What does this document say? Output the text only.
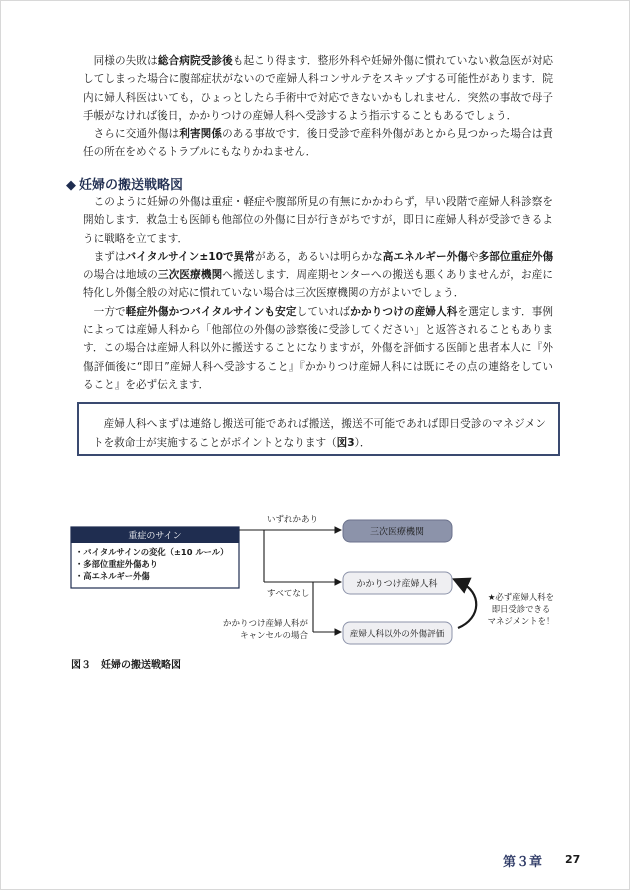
同様の失敗は総合病院受診後も起こり得ます．整形外科や妊婦外傷に慣れていない救急医が対応してしまった場合に腹部症状がないので産婦人科コンサルテをスキップする可能性があります．院内に婦人科医はいても，ひょっとしたら手術中で対応できないかもしれません．突然の事故で母子手帳がなければ後日，かかりつけの産婦人科へ受診するよう指示することもあるでしょう．

さらに交通外傷は利害関係のある事故です．後日受診で産科外傷があとから見つかった場合は責任の所在をめぐるトラブルにもなりかねません．

◆ 妊婦の搬送戦略図

このように妊婦の外傷は重症・軽症や腹部所見の有無にかかわらず，早い段階で産婦人科診察を開始します．救急士も医師も他部位の外傷に目が行きがちですが，即日に産婦人科が受診できるように戦略を立てます．

まずはバイタルサイン±10で異常がある，あるいは明らかな高エネルギー外傷や多部位重症外傷の場合は地域の三次医療機関へ搬送します．周産期センターへの搬送も悪くありませんが，お産に特化し外傷全般の対応に慣れていない場合は三次医療機関の方がよいでしょう．

一方で軽症外傷かつバイタルサインも安定していればかかりつけの産婦人科を選定します．事例によっては産婦人科から「他部位の外傷の診察後に受診してください」と返答されることもあります．この場合は産婦人科以外に搬送することになりますが，外傷を評価する医師と患者本人に『外傷評価後に“即日”産婦人科へ受診すること』『かかりつけ産婦人科には既にその点の連絡をしていること』を必ず伝えます．

産婦人科へまずは連絡し搬送可能であれば搬送，搬送不可能であれば即日受診のマネジメントを救命士が実施することがポイントとなります（図3）．
重症のサイン
・バイタルサインの変化（±10 ルール）
・多部位重症外傷あり
・高エネルギー外傷
いずれかあり
すべてなし
かかりつけ産婦人科が
キャンセルの場合
三次医療機関
かかりつけ産婦人科
産婦人科以外の外傷評価
★必ず産婦人科を
即日受診できる
マネジメントを！
図３　妊婦の搬送戦略図
第３章 27
